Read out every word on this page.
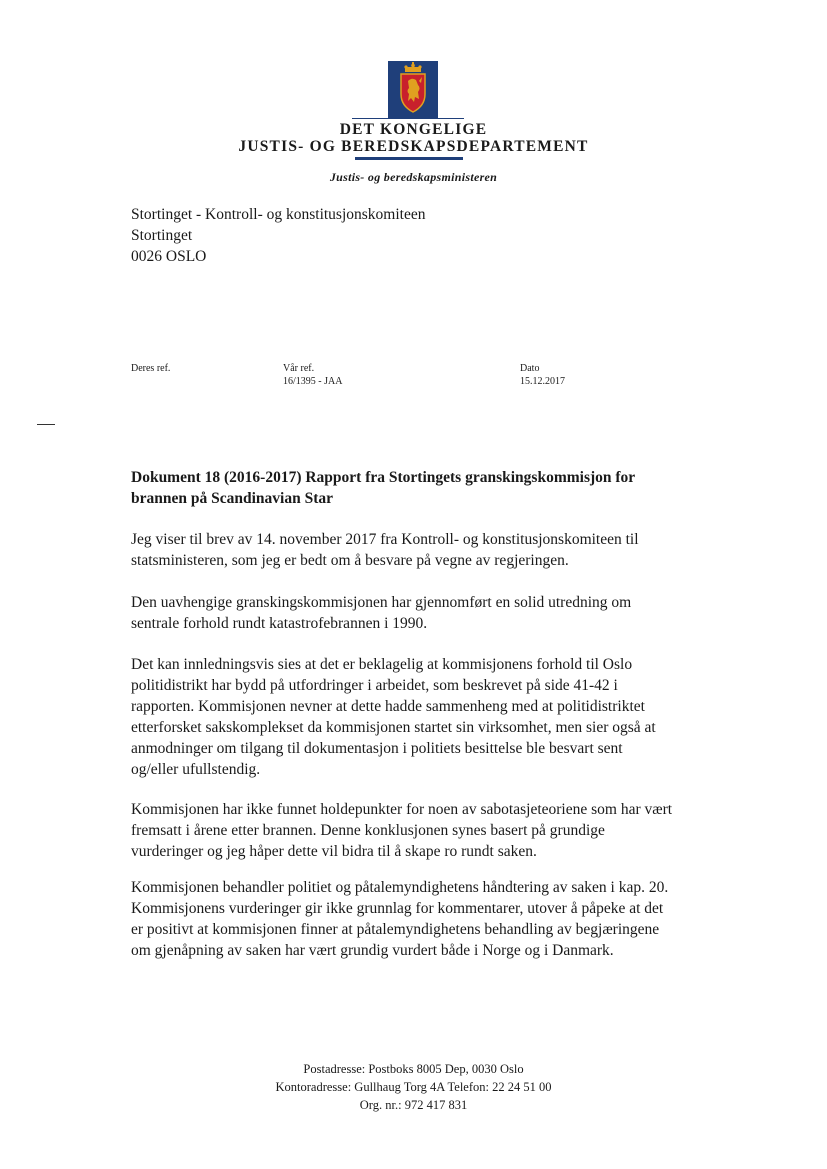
DET KONGELIGE
JUSTIS- OG BEREDSKAPSDEPARTEMENT
Justis- og beredskapsministeren
Stortinget - Kontroll- og konstitusjonskomiteen
Stortinget
0026 OSLO
Deres ref.	Vår ref.
16/1395 - JAA
Dato
15.12.2017
Dokument 18 (2016-2017) Rapport fra Stortingets granskingskommisjon for
brannen på Scandinavian Star
Jeg viser til brev av 14. november 2017 fra Kontroll- og konstitusjonskomiteen til
statsministeren, som jeg er bedt om å besvare på vegne av regjeringen.
Den uavhengige granskingskommisjonen har gjennomført en solid utredning om
sentrale forhold rundt katastrofebrannen i 1990.
Det kan innledningsvis sies at det er beklagelig at kommisjonens forhold til Oslo
politidistrikt har bydd på utfordringer i arbeidet, som beskrevet på side 41-42 i
rapporten. Kommisjonen nevner at dette hadde sammenheng med at politidistriktet
etterforsket sakskomplekset da kommisjonen startet sin virksomhet, men sier også at
anmodninger om tilgang til dokumentasjon i politiets besittelse ble besvart sent
og/eller ufullstendig.
Kommisjonen har ikke funnet holdepunkter for noen av sabotasjeteoriene som har vært
fremsatt i årene etter brannen. Denne konklusjonen synes basert på grundige
vurderinger og jeg håper dette vil bidra til å skape ro rundt saken.
Kommisjonen behandler politiet og påtalemyndighetens håndtering av saken i kap. 20.
Kommisjonens vurderinger gir ikke grunnlag for kommentarer, utover å påpeke at det
er positivt at kommisjonen finner at påtalemyndighetens behandling av begjæringene
om gjenåpning av saken har vært grundig vurdert både i Norge og i Danmark.
Postadresse: Postboks 8005 Dep, 0030 Oslo
Kontoradresse: Gullhaug Torg 4A Telefon: 22 24 51 00
Org. nr.: 972 417 831
